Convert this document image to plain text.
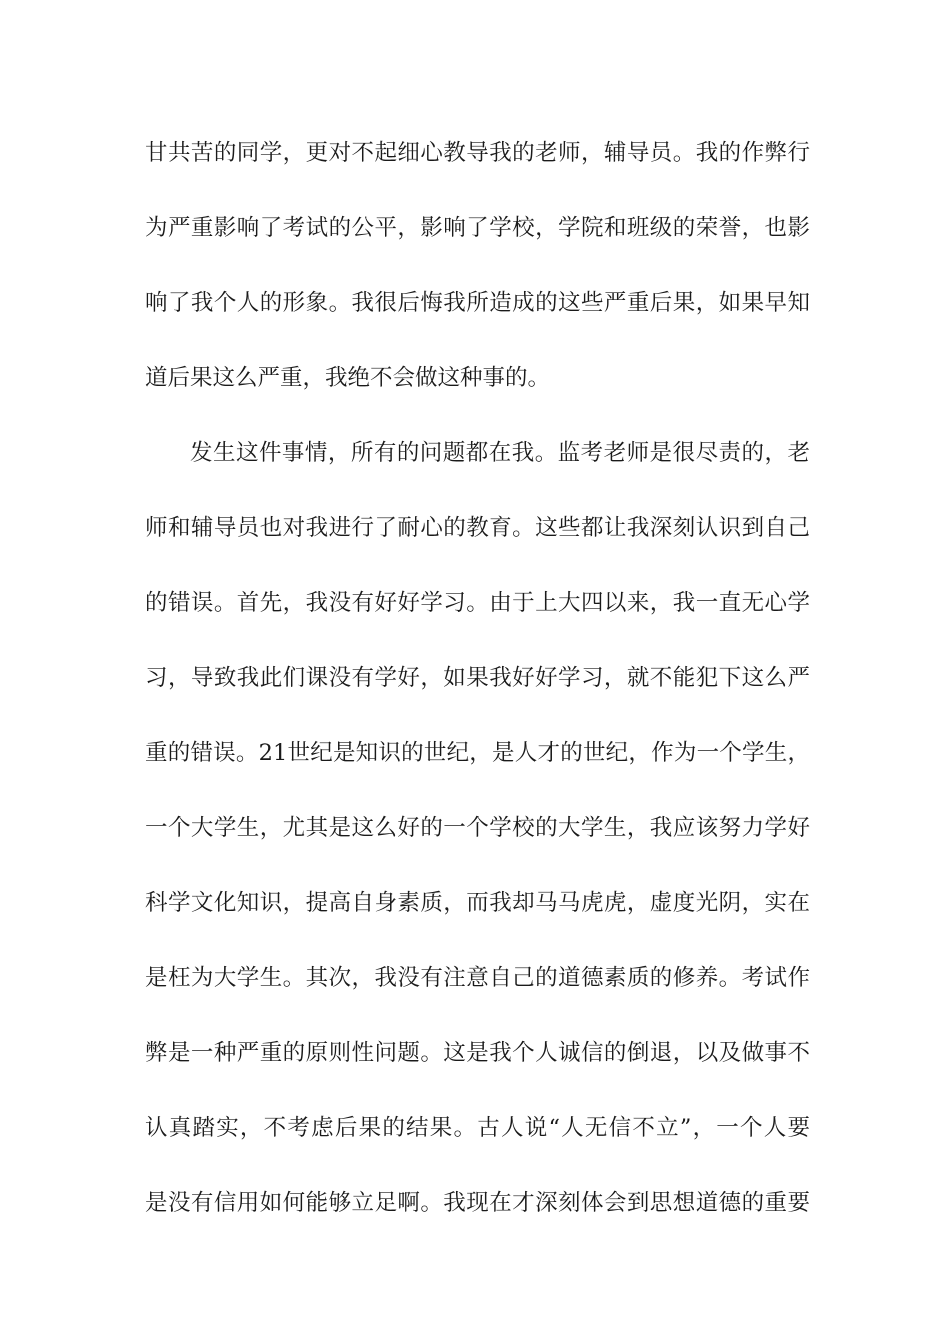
甘共苦的同学，更对不起细心教导我的老师，辅导员。我的作弊行
为严重影响了考试的公平，影响了学校，学院和班级的荣誉，也影
响了我个人的形象。我很后悔我所造成的这些严重后果，如果早知
道后果这么严重，我绝不会做这种事的。
发生这件事情，所有的问题都在我。监考老师是很尽责的，老
师和辅导员也对我进行了耐心的教育。这些都让我深刻认识到自己
的错误。首先，我没有好好学习。由于上大四以来，我一直无心学
习，导致我此们课没有学好，如果我好好学习，就不能犯下这么严
重的错误。21世纪是知识的世纪，是人才的世纪，作为一个学生，
一个大学生，尤其是这么好的一个学校的大学生，我应该努力学好
科学文化知识，提高自身素质，而我却马马虎虎，虚度光阴，实在
是枉为大学生。其次，我没有注意自己的道德素质的修养。考试作
弊是一种严重的原则性问题。这是我个人诚信的倒退，以及做事不
认真踏实，不考虑后果的结果。古人说“人无信不立”，一个人要
是没有信用如何能够立足啊。我现在才深刻体会到思想道德的重要
